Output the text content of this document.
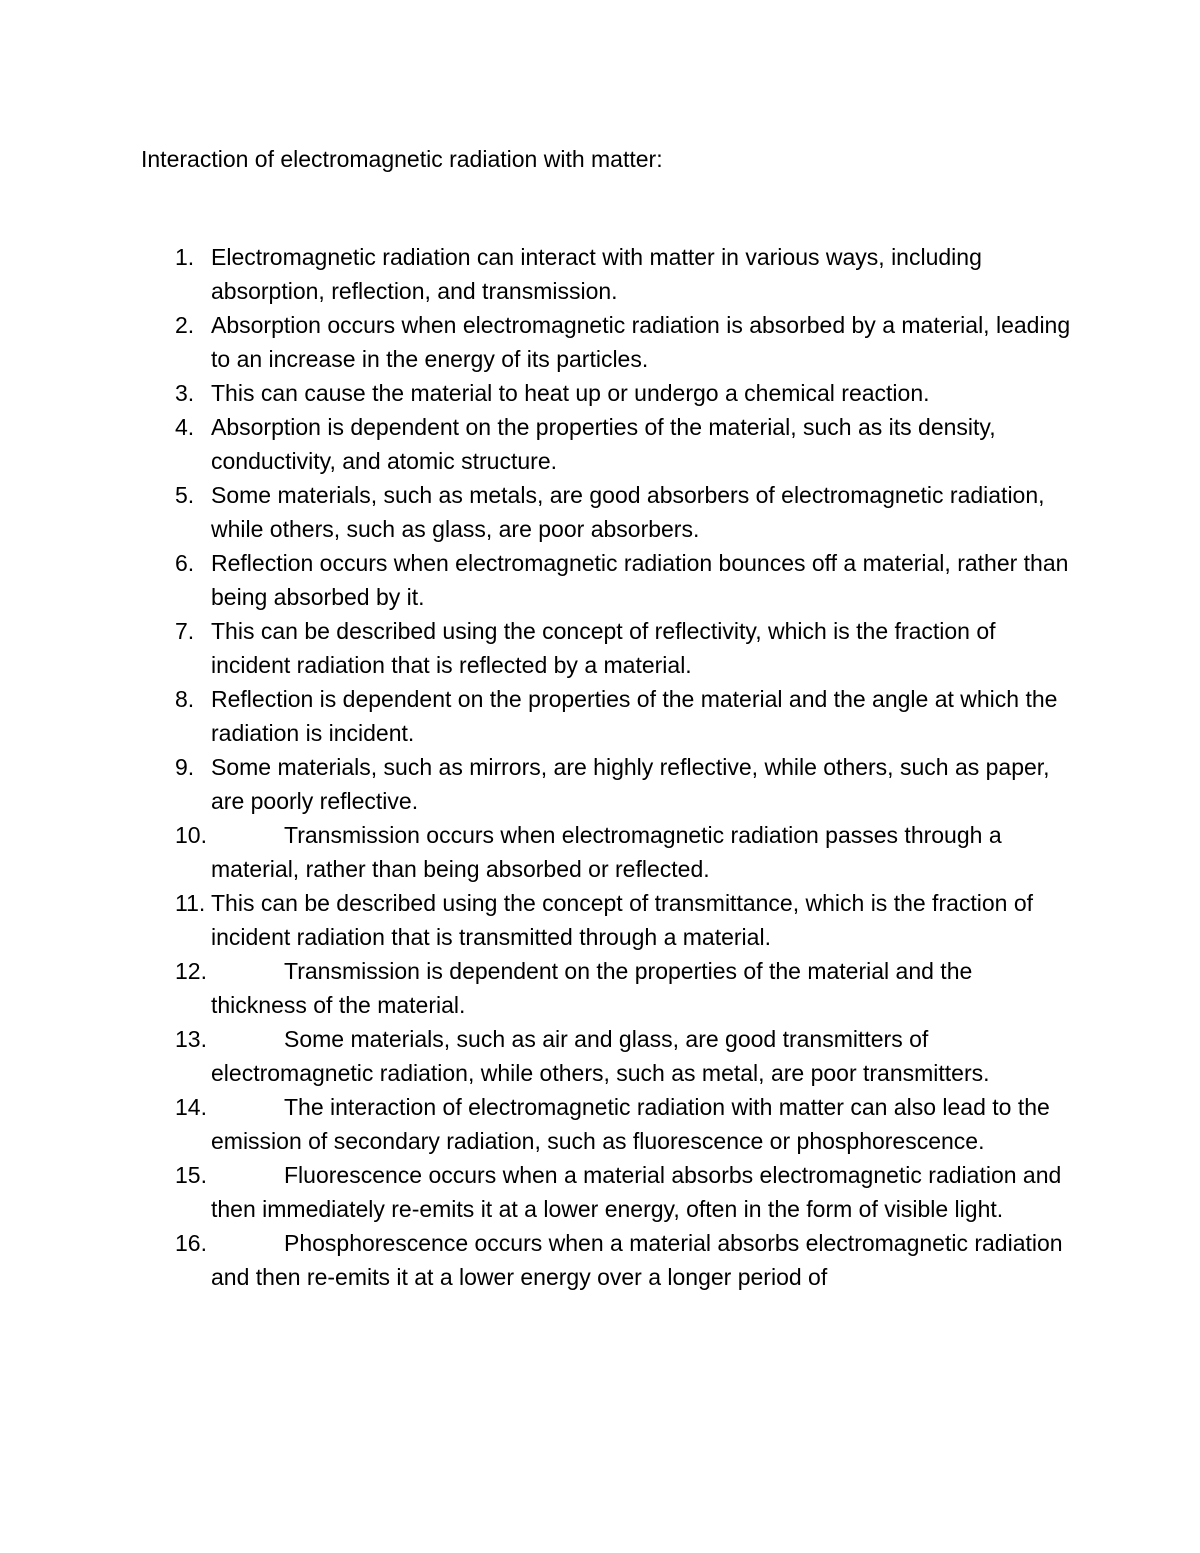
Interaction of electromagnetic radiation with matter:
1. Electromagnetic radiation can interact with matter in various ways, including absorption, reflection, and transmission.
2. Absorption occurs when electromagnetic radiation is absorbed by a material, leading to an increase in the energy of its particles.
3. This can cause the material to heat up or undergo a chemical reaction.
4. Absorption is dependent on the properties of the material, such as its density, conductivity, and atomic structure.
5. Some materials, such as metals, are good absorbers of electromagnetic radiation, while others, such as glass, are poor absorbers.
6. Reflection occurs when electromagnetic radiation bounces off a material, rather than being absorbed by it.
7. This can be described using the concept of reflectivity, which is the fraction of incident radiation that is reflected by a material.
8. Reflection is dependent on the properties of the material and the angle at which the radiation is incident.
9. Some materials, such as mirrors, are highly reflective, while others, such as paper, are poorly reflective.
10.	Transmission occurs when electromagnetic radiation passes through a material, rather than being absorbed or reflected.
11. This can be described using the concept of transmittance, which is the fraction of incident radiation that is transmitted through a material.
12.	Transmission is dependent on the properties of the material and the thickness of the material.
13.	Some materials, such as air and glass, are good transmitters of electromagnetic radiation, while others, such as metal, are poor transmitters.
14.	The interaction of electromagnetic radiation with matter can also lead to the emission of secondary radiation, such as fluorescence or phosphorescence.
15.	Fluorescence occurs when a material absorbs electromagnetic radiation and then immediately re-emits it at a lower energy, often in the form of visible light.
16.	Phosphorescence occurs when a material absorbs electromagnetic radiation and then re-emits it at a lower energy over a longer period of
